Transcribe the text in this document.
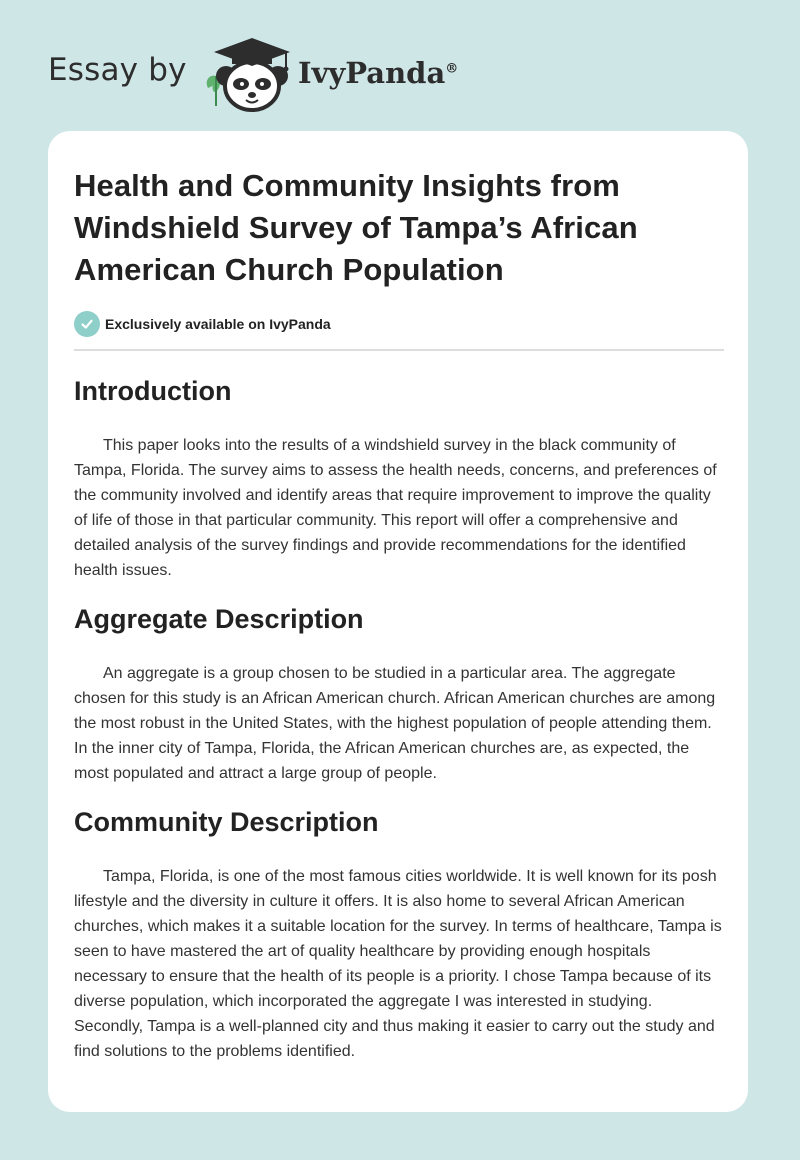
Essay by	IvyPanda®
Health and Community Insights from Windshield Survey of Tampa’s African American Church Population
Exclusively available on IvyPanda
Introduction

This paper looks into the results of a windshield survey in the black community of Tampa, Florida. The survey aims to assess the health needs, concerns, and preferences of the community involved and identify areas that require improvement to improve the quality of life of those in that particular community. This report will offer a comprehensive and detailed analysis of the survey findings and provide recommendations for the identified health issues.

Aggregate Description

An aggregate is a group chosen to be studied in a particular area. The aggregate chosen for this study is an African American church. African American churches are among the most robust in the United States, with the highest population of people attending them. In the inner city of Tampa, Florida, the African American churches are, as expected, the most populated and attract a large group of people.

Community Description

Tampa, Florida, is one of the most famous cities worldwide. It is well known for its posh lifestyle and the diversity in culture it offers. It is also home to several African American churches, which makes it a suitable location for the survey. In terms of healthcare, Tampa is seen to have mastered the art of quality healthcare by providing enough hospitals necessary to ensure that the health of its people is a priority. I chose Tampa because of its diverse population, which incorporated the aggregate I was interested in studying. Secondly, Tampa is a well-planned city and thus making it easier to carry out the study and find solutions to the problems identified.
